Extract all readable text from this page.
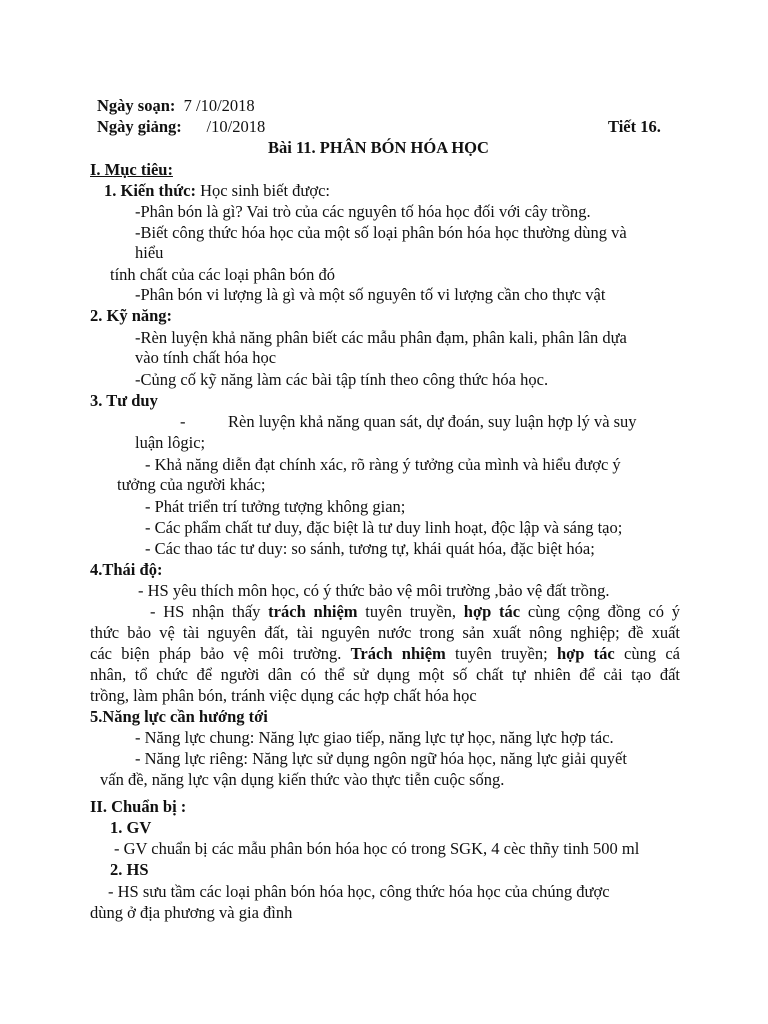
Ngày soạn: 7 /10/2018
Ngày giảng: /10/2018	Tiết 16.
Bài 11. PHÂN BÓN HÓA HỌC
I. Mục tiêu:
1. Kiến thức: Học sinh biết được:
-Phân bón là gì? Vai trò của các nguyên tố hóa học đối với cây trồng.
-Biết công thức hóa học của một số loại phân bón hóa học thường dùng và
hiểu
tính chất của các loại phân bón đó
-Phân bón vi lượng là gì và một số nguyên tố vi lượng cần cho thực vật
2. Kỹ năng:
-Rèn luyện khả năng phân biết các mẫu phân đạm, phân kali, phân lân dựa
vào tính chất hóa học
-Củng cố kỹ năng làm các bài tập tính theo công thức hóa học.
3. Tư duy
-	Rèn luyện khả năng quan sát, dự đoán, suy luận hợp lý và suy
luận lôgic;
- Khả năng diễn đạt chính xác, rõ ràng ý tưởng của mình và hiểu được ý
tưởng của người khác;
- Phát triển trí tưởng tượng không gian;
- Các phẩm chất tư duy, đặc biệt là tư duy linh hoạt, độc lập và sáng tạo;
- Các thao tác tư duy: so sánh, tương tự, khái quát hóa, đặc biệt hóa;
4.Thái độ:
- HS yêu thích môn học, có ý thức bảo vệ môi trường ,bảo vệ đất trồng.
- HS nhận thấy trách nhiệm tuyên truyền, hợp tác cùng cộng đồng có ý
thức bảo vệ tài nguyên đất, tài nguyên nước trong sản xuất nông nghiệp; đề xuất
các biện pháp bảo vệ môi trường. Trách nhiệm tuyên truyền; hợp tác cùng cá
nhân, tổ chức để người dân có thể sử dụng một số chất tự nhiên để cải tạo đất
trồng, làm phân bón, tránh việc dụng các hợp chất hóa học
5.Năng lực cần hướng tới
- Năng lực chung: Năng lực giao tiếp, năng lực tự học, năng lực hợp tác.
- Năng lực riêng: Năng lực sử dụng ngôn ngữ hóa học, năng lực giải quyết
vấn đề, năng lực vận dụng kiến thức vào thực tiễn cuộc sống.
II. Chuẩn bị :
1. GV
- GV chuẩn bị các mẫu phân bón hóa học có trong SGK, 4 cèc thñy tinh 500 ml
2. HS
- HS sưu tầm các loại phân bón hóa học, công thức hóa học của chúng được
dùng ở địa phương và gia đình
